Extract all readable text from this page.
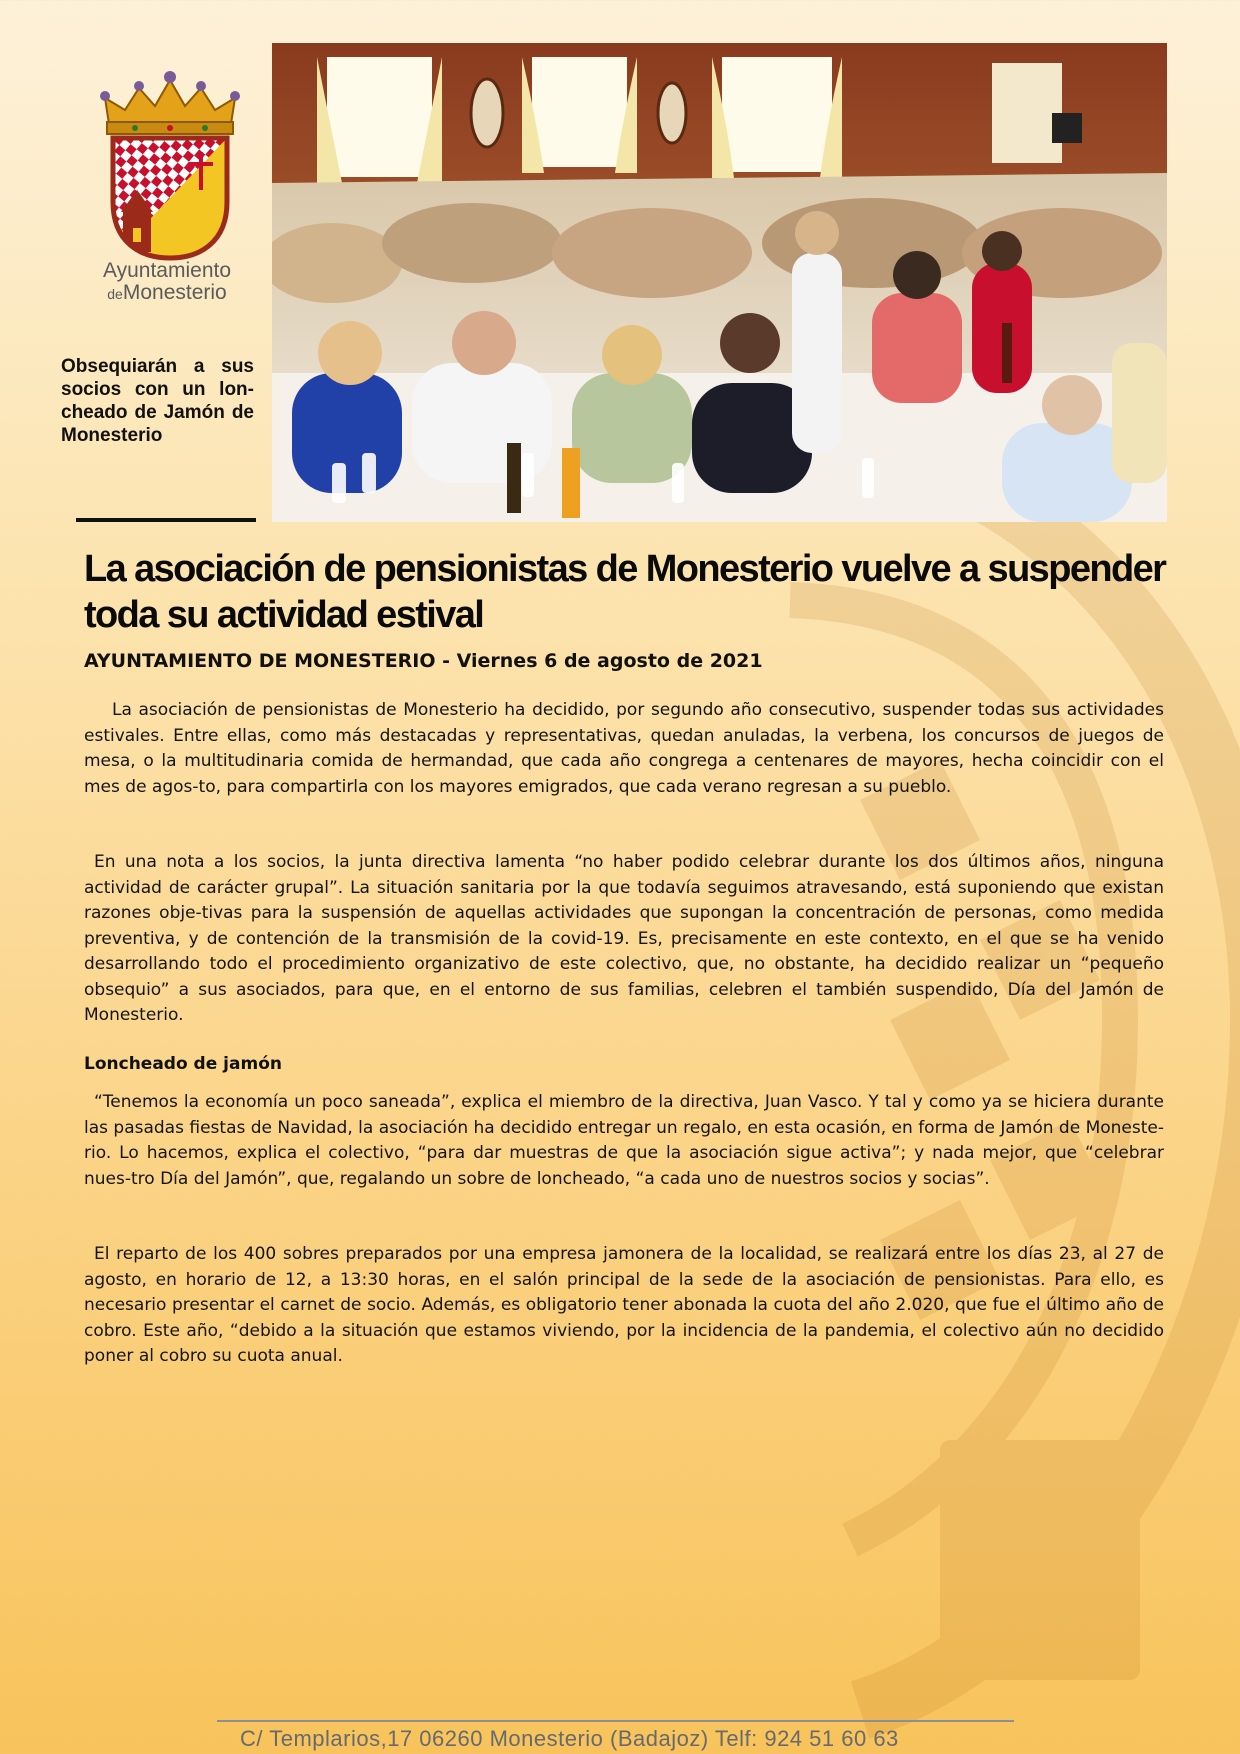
Ayuntamiento
deMonesterio

Obsequiarán a sus socios con un lon-cheado de Jamón de Monesterio

La asociación de pensionistas de Monesterio vuelve a suspender toda su actividad estival

AYUNTAMIENTO DE MONESTERIO - Viernes 6 de agosto de 2021

La asociación de pensionistas de Monesterio ha decidido, por segundo año consecutivo, suspender todas sus actividades estivales. Entre ellas, como más destacadas y representativas, quedan anuladas, la verbena, los concursos de juegos de mesa, o la multitudinaria comida de hermandad, que cada año congrega a centenares de mayores, hecha coincidir con el mes de agos-to, para compartirla con los mayores emigrados, que cada verano regresan a su pueblo.

En una nota a los socios, la junta directiva lamenta “no haber podido celebrar durante los dos últimos años, ninguna actividad de carácter grupal”. La situación sanitaria por la que todavía seguimos atravesando, está suponiendo que existan razones obje-tivas para la suspensión de aquellas actividades que supongan la concentración de personas, como medida preventiva, y de contención de la transmisión de la covid-19. Es, precisamente en este contexto, en el que se ha venido desarrollando todo el procedimiento organizativo de este colectivo, que, no obstante, ha decidido realizar un “pequeño obsequio” a sus asociados, para que, en el entorno de sus familias, celebren el también suspendido, Día del Jamón de Monesterio.

Loncheado de jamón

“Tenemos la economía un poco saneada”, explica el miembro de la directiva, Juan Vasco. Y tal y como ya se hiciera durante las pasadas fiestas de Navidad, la asociación ha decidido entregar un regalo, en esta ocasión, en forma de Jamón de Moneste-rio. Lo hacemos, explica el colectivo, “para dar muestras de que la asociación sigue activa”; y nada mejor, que “celebrar nues-tro Día del Jamón”, que, regalando un sobre de loncheado, “a cada uno de nuestros socios y socias”.

El reparto de los 400 sobres preparados por una empresa jamonera de la localidad, se realizará entre los días 23, al 27 de agosto, en horario de 12, a 13:30 horas, en el salón principal de la sede de la asociación de pensionistas. Para ello, es necesario presentar el carnet de socio. Además, es obligatorio tener abonada la cuota del año 2.020, que fue el último año de cobro. Este año, “debido a la situación que estamos viviendo, por la incidencia de la pandemia, el colectivo aún no decidido poner al cobro su cuota anual.

C/ Templarios,17 06260 Monesterio (Badajoz) Telf: 924 51 60 63
